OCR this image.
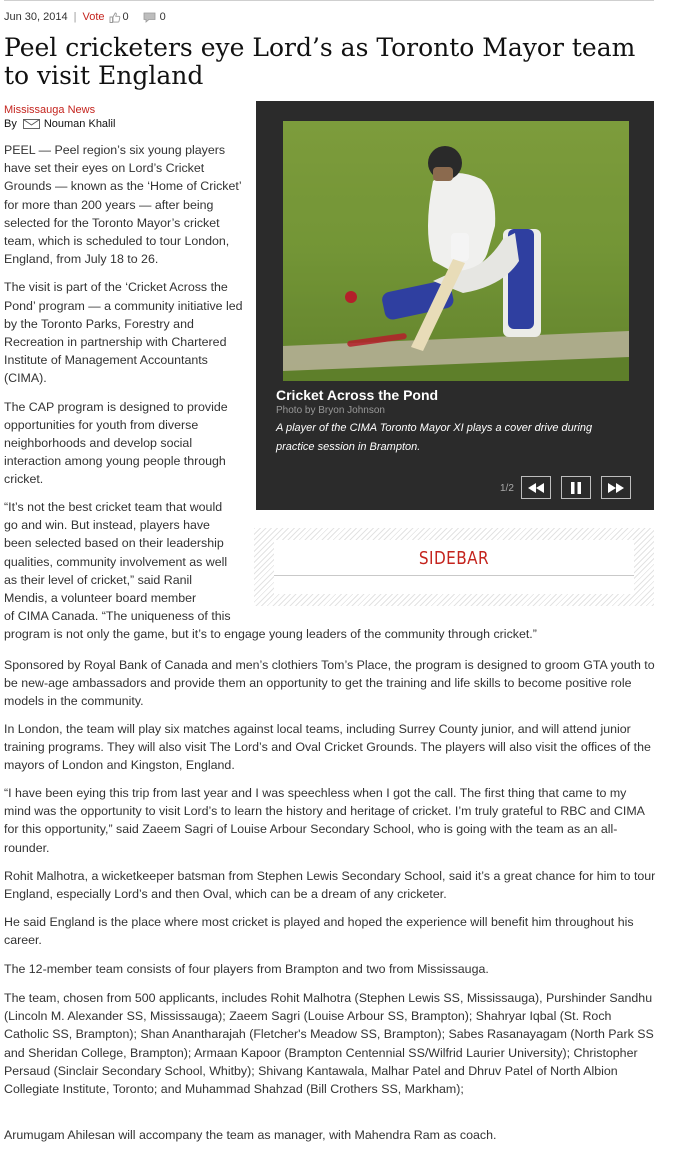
Jun 30, 2014 | Vote 0	0
Peel cricketers eye Lord’s as Toronto Mayor team to visit England
Mississauga News
By Nouman Khalil

PEEL — Peel region’s six young players have set their eyes on Lord’s Cricket Grounds — known as the ‘Home of Cricket’ for more than 200 years — after being selected for the Toronto Mayor’s cricket team, which is scheduled to tour London, England, from July 18 to 26.

The visit is part of the ‘Cricket Across the Pond’ program — a community initiative led by the Toronto Parks, Forestry and Recreation in partnership with Chartered Institute of Management Accountants (CIMA).

The CAP program is designed to provide opportunities for youth from diverse neighborhoods and develop social interaction among young people through cricket.

“It’s not the best cricket team that would
go and win. But instead, players have
been selected based on their leadership
qualities, community involvement as well
as their level of cricket,” said Ranil
Mendis, a volunteer board member
of CIMA Canada. “The uniqueness of this
program is not only the game, but it’s to engage young leaders of the community through cricket.”

Sponsored by Royal Bank of Canada and men’s clothiers Tom’s Place, the program is designed to groom GTA youth to be new-age ambassadors and provide them an opportunity to get the training and life skills to become positive role models in the community.

In London, the team will play six matches against local teams, including Surrey County junior, and will attend junior training programs. They will also visit The Lord’s and Oval Cricket Grounds. The players will also visit the offices of the mayors of London and Kingston, England.

“I have been eying this trip from last year and I was speechless when I got the call. The first thing that came to my mind was the opportunity to visit Lord’s to learn the history and heritage of cricket. I’m truly grateful to RBC and CIMA for this opportunity,” said Zaeem Sagri of Louise Arbour Secondary School, who is going with the team as an all-rounder.

Rohit Malhotra, a wicketkeeper batsman from Stephen Lewis Secondary School, said it’s a great chance for him to tour England, especially Lord’s and then Oval, which can be a dream of any cricketer.

He said England is the place where most cricket is played and hoped the experience will benefit him throughout his career.

The 12-member team consists of four players from Brampton and two from Mississauga.

The team, chosen from 500 applicants, includes Rohit Malhotra (Stephen Lewis SS, Mississauga), Purshinder Sandhu (Lincoln M. Alexander SS, Mississauga); Zaeem Sagri (Louise Arbour SS, Brampton); Shahryar Iqbal (St. Roch Catholic SS, Brampton); Shan Anantharajah (Fletcher's Meadow SS, Brampton); Sabes Rasanayagam (North Park SS and Sheridan College, Brampton); Armaan Kapoor (Brampton Centennial SS/Wilfrid Laurier University); Christopher Persaud (Sinclair Secondary School, Whitby); Shivang Kantawala, Malhar Patel and Dhruv Patel of North Albion Collegiate Institute, Toronto; and Muhammad Shahzad (Bill Crothers SS, Markham);

Arumugam Ahilesan will accompany the team as manager, with Mahendra Ram as coach.

Cricket Across the Pond
Photo by Bryon Johnson
A player of the CIMA Toronto Mayor XI plays a cover drive during practice session in Brampton.
1/2
SIDEBAR
